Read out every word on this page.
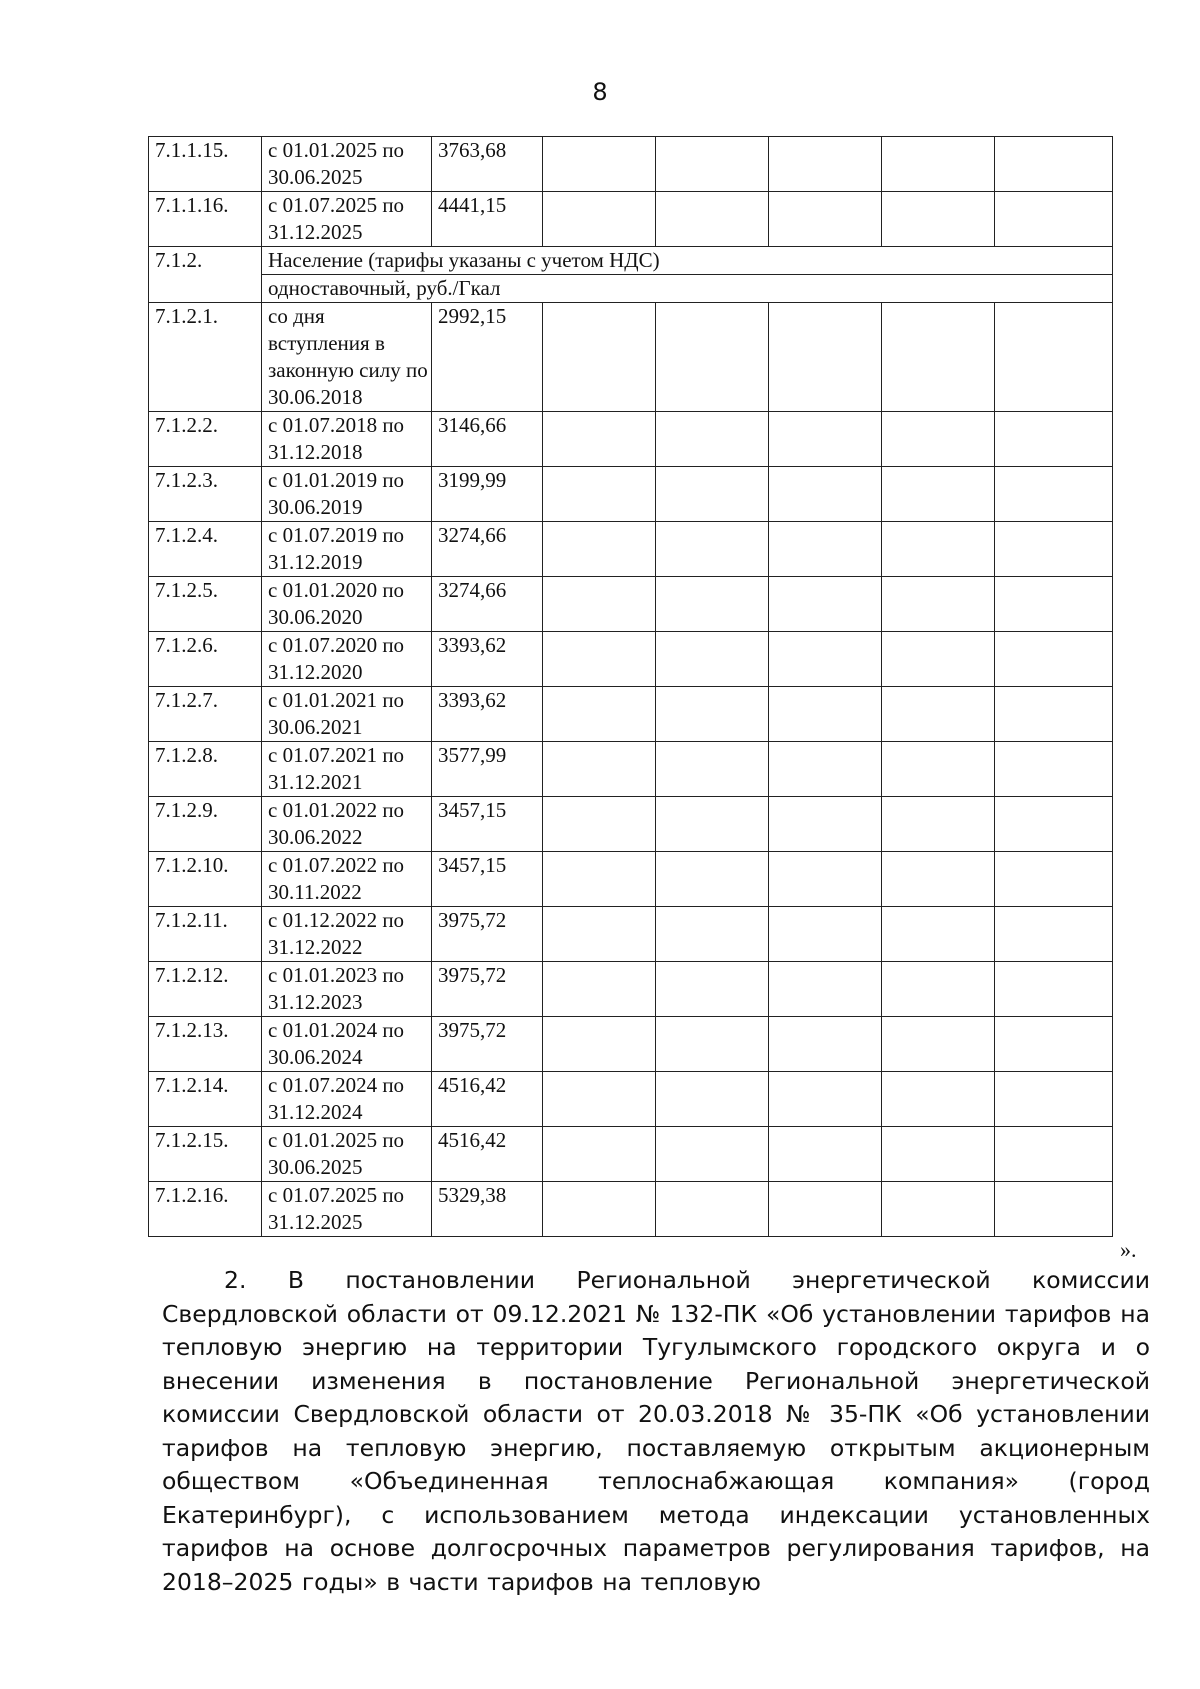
8
7.1.1.15.	с 01.01.2025 по 30.06.2025	3763,68					
7.1.1.16.	с 01.07.2025 по 31.12.2025	4441,15					
7.1.2.	Население (тарифы указаны с учетом НДС)						
	одноставочный, руб./Гкал						
7.1.2.1.	со дня вступления в законную силу по 30.06.2018	2992,15					
7.1.2.2.	с 01.07.2018 по 31.12.2018	3146,66					
7.1.2.3.	с 01.01.2019 по 30.06.2019	3199,99					
7.1.2.4.	с 01.07.2019 по 31.12.2019	3274,66					
7.1.2.5.	с 01.01.2020 по 30.06.2020	3274,66					
7.1.2.6.	с 01.07.2020 по 31.12.2020	3393,62					
7.1.2.7.	с 01.01.2021 по 30.06.2021	3393,62					
7.1.2.8.	с 01.07.2021 по 31.12.2021	3577,99					
7.1.2.9.	с 01.01.2022 по 30.06.2022	3457,15					
7.1.2.10.	с 01.07.2022 по 30.11.2022	3457,15					
7.1.2.11.	с 01.12.2022 по 31.12.2022	3975,72					
7.1.2.12.	с 01.01.2023 по 31.12.2023	3975,72					
7.1.2.13.	с 01.01.2024 по 30.06.2024	3975,72					
7.1.2.14.	с 01.07.2024 по 31.12.2024	4516,42					
7.1.2.15.	с 01.01.2025 по 30.06.2025	4516,42					
7.1.2.16.	с 01.07.2025 по 31.12.2025	5329,38					
».
2. В постановлении Региональной энергетической комиссии Свердловской области от 09.12.2021 № 132-ПК «Об установлении тарифов на тепловую энергию на территории Тугулымского городского округа и о внесении изменения в постановление Региональной энергетической комиссии Свердловской области от 20.03.2018 № 35-ПК «Об установлении тарифов на тепловую энергию, поставляемую открытым акционерным обществом «Объединенная теплоснабжающая компания» (город Екатеринбург), с использованием метода индексации установленных тарифов на основе долгосрочных параметров регулирования тарифов, на 2018–2025 годы» в части тарифов на тепловую
